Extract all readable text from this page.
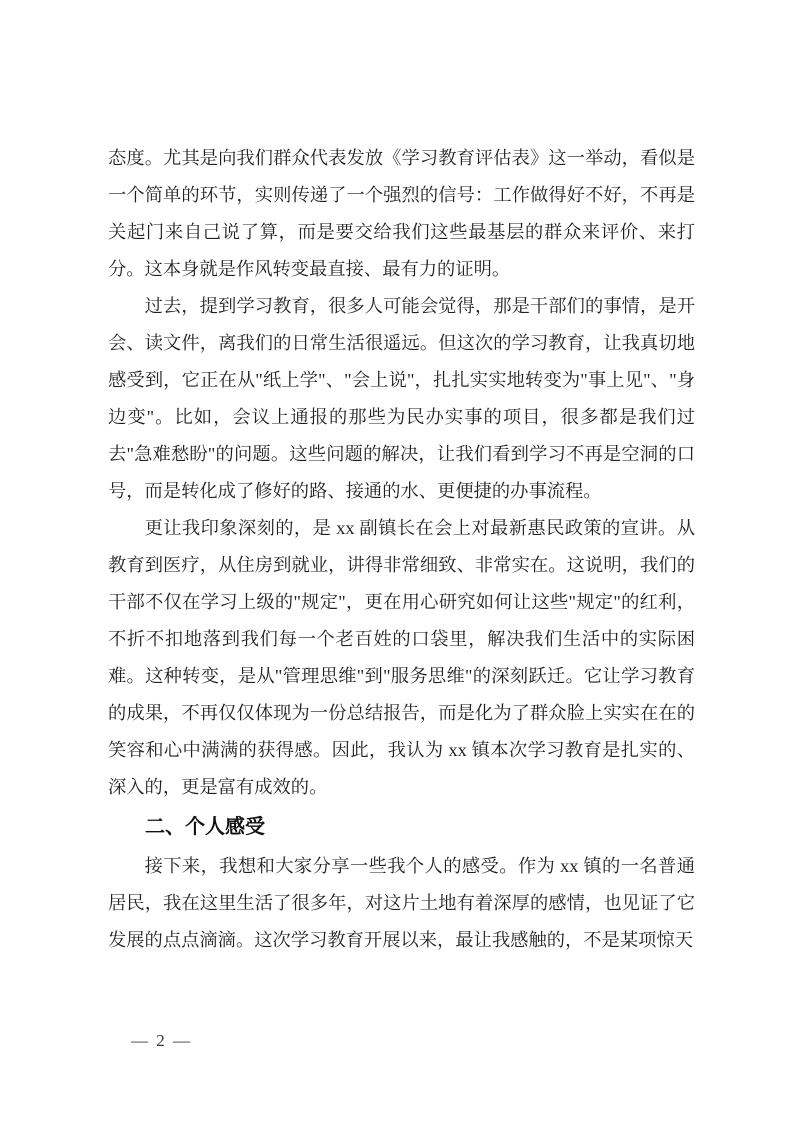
态度。尤其是向我们群众代表发放《学习教育评估表》这一举动，看似是一个简单的环节，实则传递了一个强烈的信号：工作做得好不好，不再是关起门来自己说了算，而是要交给我们这些最基层的群众来评价、来打分。这本身就是作风转变最直接、最有力的证明。

过去，提到学习教育，很多人可能会觉得，那是干部们的事情，是开会、读文件，离我们的日常生活很遥远。但这次的学习教育，让我真切地感受到，它正在从"纸上学"、"会上说"，扎扎实实地转变为"事上见"、"身边变"。比如，会议上通报的那些为民办实事的项目，很多都是我们过去"急难愁盼"的问题。这些问题的解决，让我们看到学习不再是空洞的口号，而是转化成了修好的路、接通的水、更便捷的办事流程。

更让我印象深刻的，是 xx 副镇长在会上对最新惠民政策的宣讲。从教育到医疗，从住房到就业，讲得非常细致、非常实在。这说明，我们的干部不仅在学习上级的"规定"，更在用心研究如何让这些"规定"的红利，不折不扣地落到我们每一个老百姓的口袋里，解决我们生活中的实际困难。这种转变，是从"管理思维"到"服务思维"的深刻跃迁。它让学习教育的成果，不再仅仅体现为一份总结报告，而是化为了群众脸上实实在在的笑容和心中满满的获得感。因此，我认为 xx 镇本次学习教育是扎实的、深入的，更是富有成效的。

二、个人感受

接下来，我想和大家分享一些我个人的感受。作为 xx 镇的一名普通居民，我在这里生活了很多年，对这片土地有着深厚的感情，也见证了它发展的点点滴滴。这次学习教育开展以来，最让我感触的，不是某项惊天

— 2 —
